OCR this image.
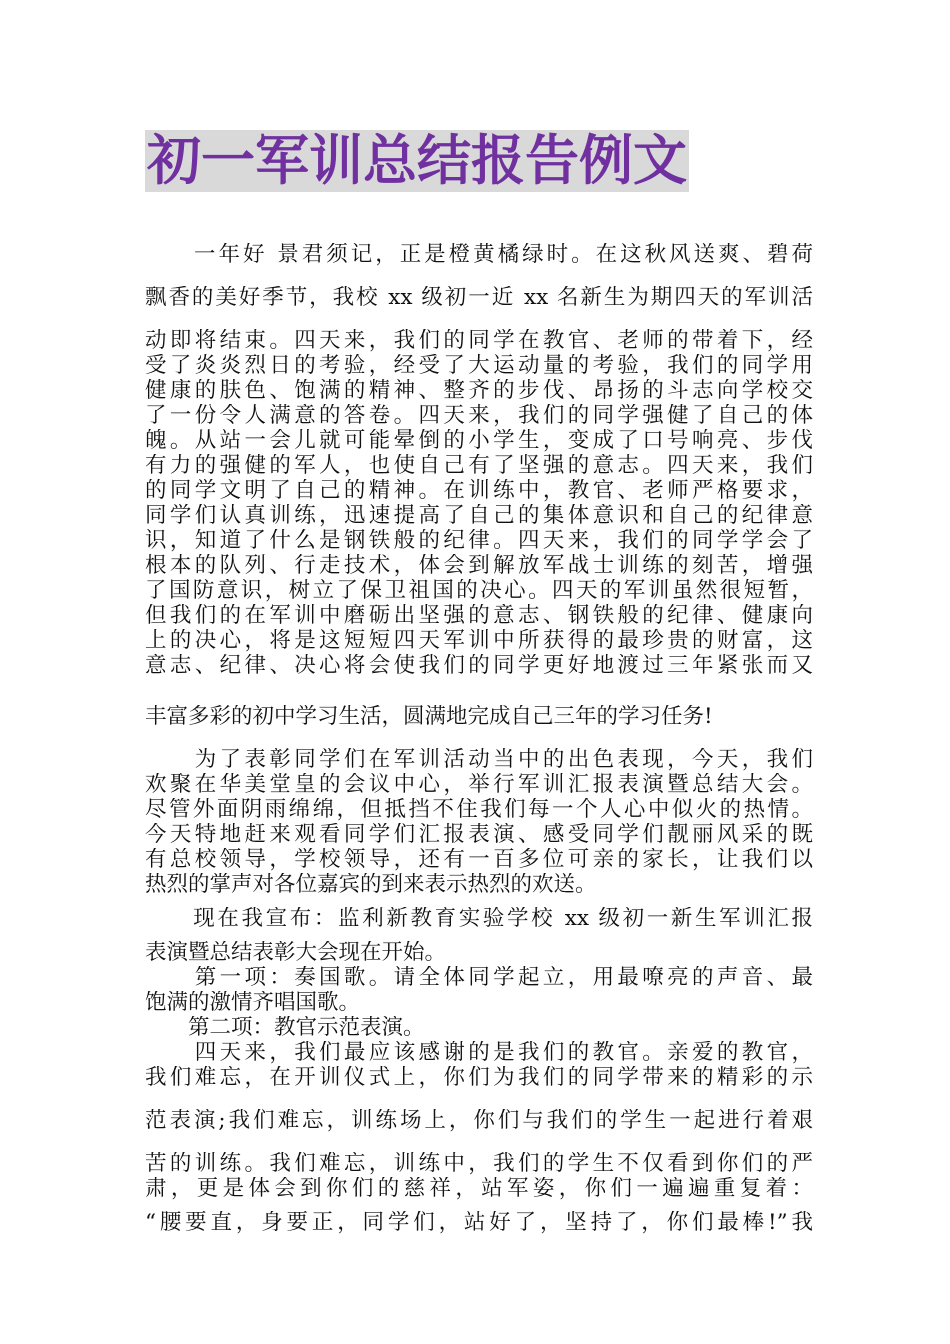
初一军训总结报告例文
　　一年好 景君须记，正是橙黄橘绿时。在这秋风送爽、碧荷
飘香的美好季节，我校 xx 级初一近 xx 名新生为期四天的军训活
动即将结束。四天来，我们的同学在教官、老师的带着下，经
受了炎炎烈日的考验，经受了大运动量的考验，我们的同学用
健康的肤色、饱满的精神、整齐的步伐、昂扬的斗志向学校交
了一份令人满意的答卷。四天来，我们的同学强健了自己的体
魄。从站一会儿就可能晕倒的小学生，变成了口号响亮、步伐
有力的强健的军人，也使自己有了坚强的意志。四天来，我们
的同学文明了自己的精神。在训练中，教官、老师严格要求，
同学们认真训练，迅速提高了自己的集体意识和自己的纪律意
识，知道了什么是钢铁般的纪律。四天来，我们的同学学会了
根本的队列、行走技术，体会到解放军战士训练的刻苦，增强
了国防意识，树立了保卫祖国的决心。四天的军训虽然很短暂，
但我们的在军训中磨砺出坚强的意志、钢铁般的纪律、健康向
上的决心，将是这短短四天军训中所获得的最珍贵的财富，这
意志、纪律、决心将会使我们的同学更好地渡过三年紧张而又
丰富多彩的初中学习生活，圆满地完成自己三年的学习任务!
　　为了表彰同学们在军训活动当中的出色表现，今天，我们
欢聚在华美堂皇的会议中心，举行军训汇报表演暨总结大会。
尽管外面阴雨绵绵，但抵挡不住我们每一个人心中似火的热情。
今天特地赶来观看同学们汇报表演、感受同学们靓丽风采的既
有总校领导，学校领导，还有一百多位可亲的家长，让我们以
热烈的掌声对各位嘉宾的到来表示热烈的欢送。
　　现在我宣布：监利新教育实验学校 xx 级初一新生军训汇报
表演暨总结表彰大会现在开始。
　　第一项：奏国歌。请全体同学起立，用最嘹亮的声音、最
饱满的激情齐唱国歌。
　　第二项：教官示范表演。
　　四天来，我们最应该感谢的是我们的教官。亲爱的教官，
我们难忘，在开训仪式上，你们为我们的同学带来的精彩的示
范表演;我们难忘，训练场上，你们与我们的学生一起进行着艰
苦的训练。我们难忘，训练中，我们的学生不仅看到你们的严
肃，更是体会到你们的慈祥，站军姿，你们一遍遍重复着：
“腰要直，身要正，同学们，站好了，坚持了，你们最棒!”我
